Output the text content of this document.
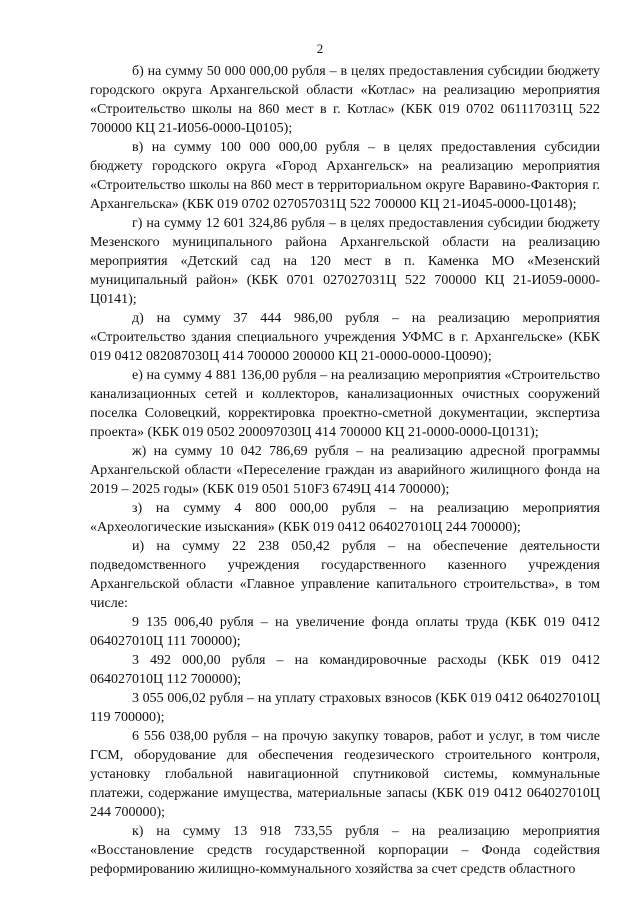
2

б) на сумму 50 000 000,00 рубля – в целях предоставления субсидии бюджету городского округа Архангельской области «Котлас» на реализацию мероприятия «Строительство школы на 860 мест в г. Котлас» (КБК 019 0702 061117031Ц 522 700000 КЦ 21-И056-0000-Ц0105);

в) на сумму 100 000 000,00 рубля – в целях предоставления субсидии бюджету городского округа «Город Архангельск» на реализацию мероприятия «Строительство школы на 860 мест в территориальном округе Варавино-Фактория г. Архангельска» (КБК 019 0702 027057031Ц 522 700000 КЦ 21-И045-0000-Ц0148);

г) на сумму 12 601 324,86 рубля – в целях предоставления субсидии бюджету Мезенского муниципального района Архангельской области на реализацию мероприятия «Детский сад на 120 мест в п. Каменка МО «Мезенский муниципальный район» (КБК 0701 027027031Ц 522 700000 КЦ 21-И059-0000-Ц0141);

д) на сумму 37 444 986,00 рубля – на реализацию мероприятия «Строительство здания специального учреждения УФМС в г. Архангельске» (КБК 019 0412 082087030Ц 414 700000 200000 КЦ 21-0000-0000-Ц0090);

е) на сумму 4 881 136,00 рубля – на реализацию мероприятия «Строительство канализационных сетей и коллекторов, канализационных очистных сооружений поселка Соловецкий, корректировка проектно-сметной документации, экспертиза проекта» (КБК 019 0502 200097030Ц 414 700000 КЦ 21-0000-0000-Ц0131);

ж) на сумму 10 042 786,69 рубля – на реализацию адресной программы Архангельской области «Переселение граждан из аварийного жилищного фонда на 2019 – 2025 годы» (КБК 019 0501 510F3 6749Ц 414 700000);

з) на сумму 4 800 000,00 рубля – на реализацию мероприятия «Археологические изыскания» (КБК 019 0412 064027010Ц 244 700000);

и) на сумму 22 238 050,42 рубля – на обеспечение деятельности подведомственного учреждения государственного казенного учреждения Архангельской области «Главное управление капитального строительства», в том числе:

9 135 006,40 рубля – на увеличение фонда оплаты труда (КБК 019 0412 064027010Ц 111 700000);

3 492 000,00 рубля – на командировочные расходы (КБК 019 0412 064027010Ц 112 700000);

3 055 006,02 рубля – на уплату страховых взносов (КБК 019 0412 064027010Ц 119 700000);

6 556 038,00 рубля – на прочую закупку товаров, работ и услуг, в том числе ГСМ, оборудование для обеспечения геодезического строительного контроля, установку глобальной навигационной спутниковой системы, коммунальные платежи, содержание имущества, материальные запасы (КБК 019 0412 064027010Ц 244 700000);

к) на сумму 13 918 733,55 рубля – на реализацию мероприятия «Восстановление средств государственной корпорации – Фонда содействия реформированию жилищно-коммунального хозяйства за счет средств областного
